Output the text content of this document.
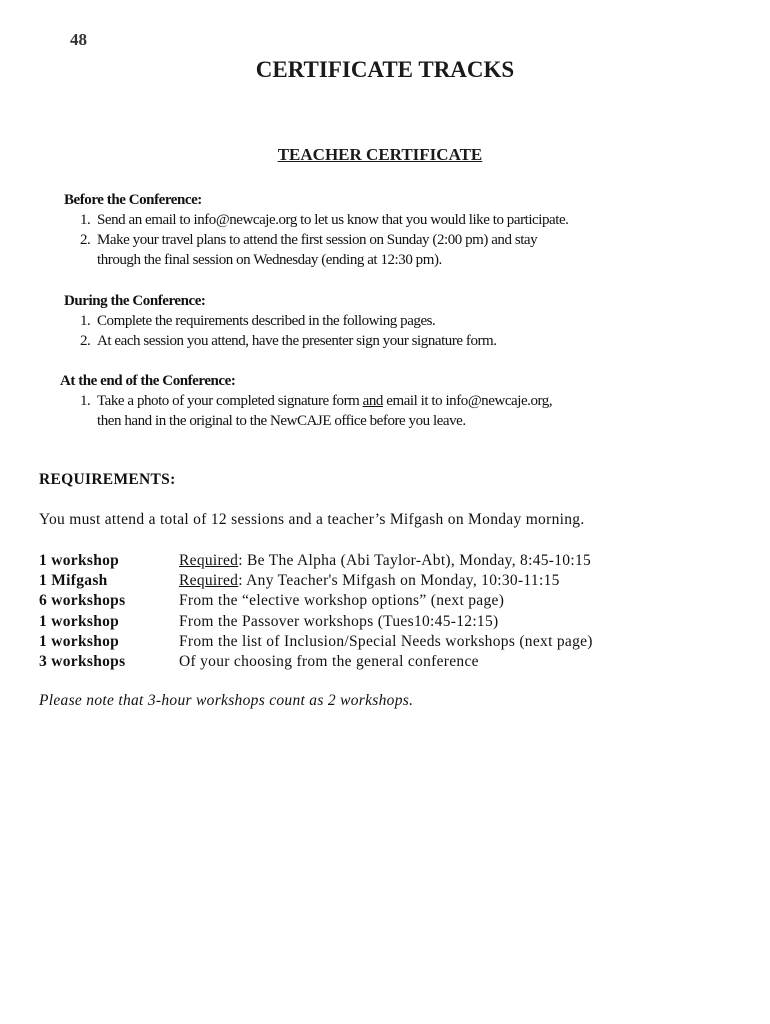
48
CERTIFICATE TRACKS
TEACHER CERTIFICATE
Before the Conference:
1. Send an email to info@newcaje.org to let us know that you would like to participate.
2. Make your travel plans to attend the first session on Sunday (2:00 pm) and stay
through the final session on Wednesday (ending at 12:30 pm).
During the Conference:
1. Complete the requirements described in the following pages.
2. At each session you attend, have the presenter sign your signature form.
At the end of the Conference:
1. Take a photo of your completed signature form and email it to info@newcaje.org,
then hand in the original to the NewCAJE office before you leave.
REQUIREMENTS:
You must attend a total of 12 sessions and a teacher’s Mifgash on Monday morning.
1 workshop	Required: Be The Alpha (Abi Taylor-Abt), Monday, 8:45-10:15
1 Mifgash	Required: Any Teacher's Mifgash on Monday, 10:30-11:15
6 workshops	From the “elective workshop options” (next page)
1 workshop	From the Passover workshops (Tues10:45-12:15)
1 workshop	From the list of Inclusion/Special Needs workshops (next page)
3 workshops	Of your choosing from the general conference
Please note that 3-hour workshops count as 2 workshops.
